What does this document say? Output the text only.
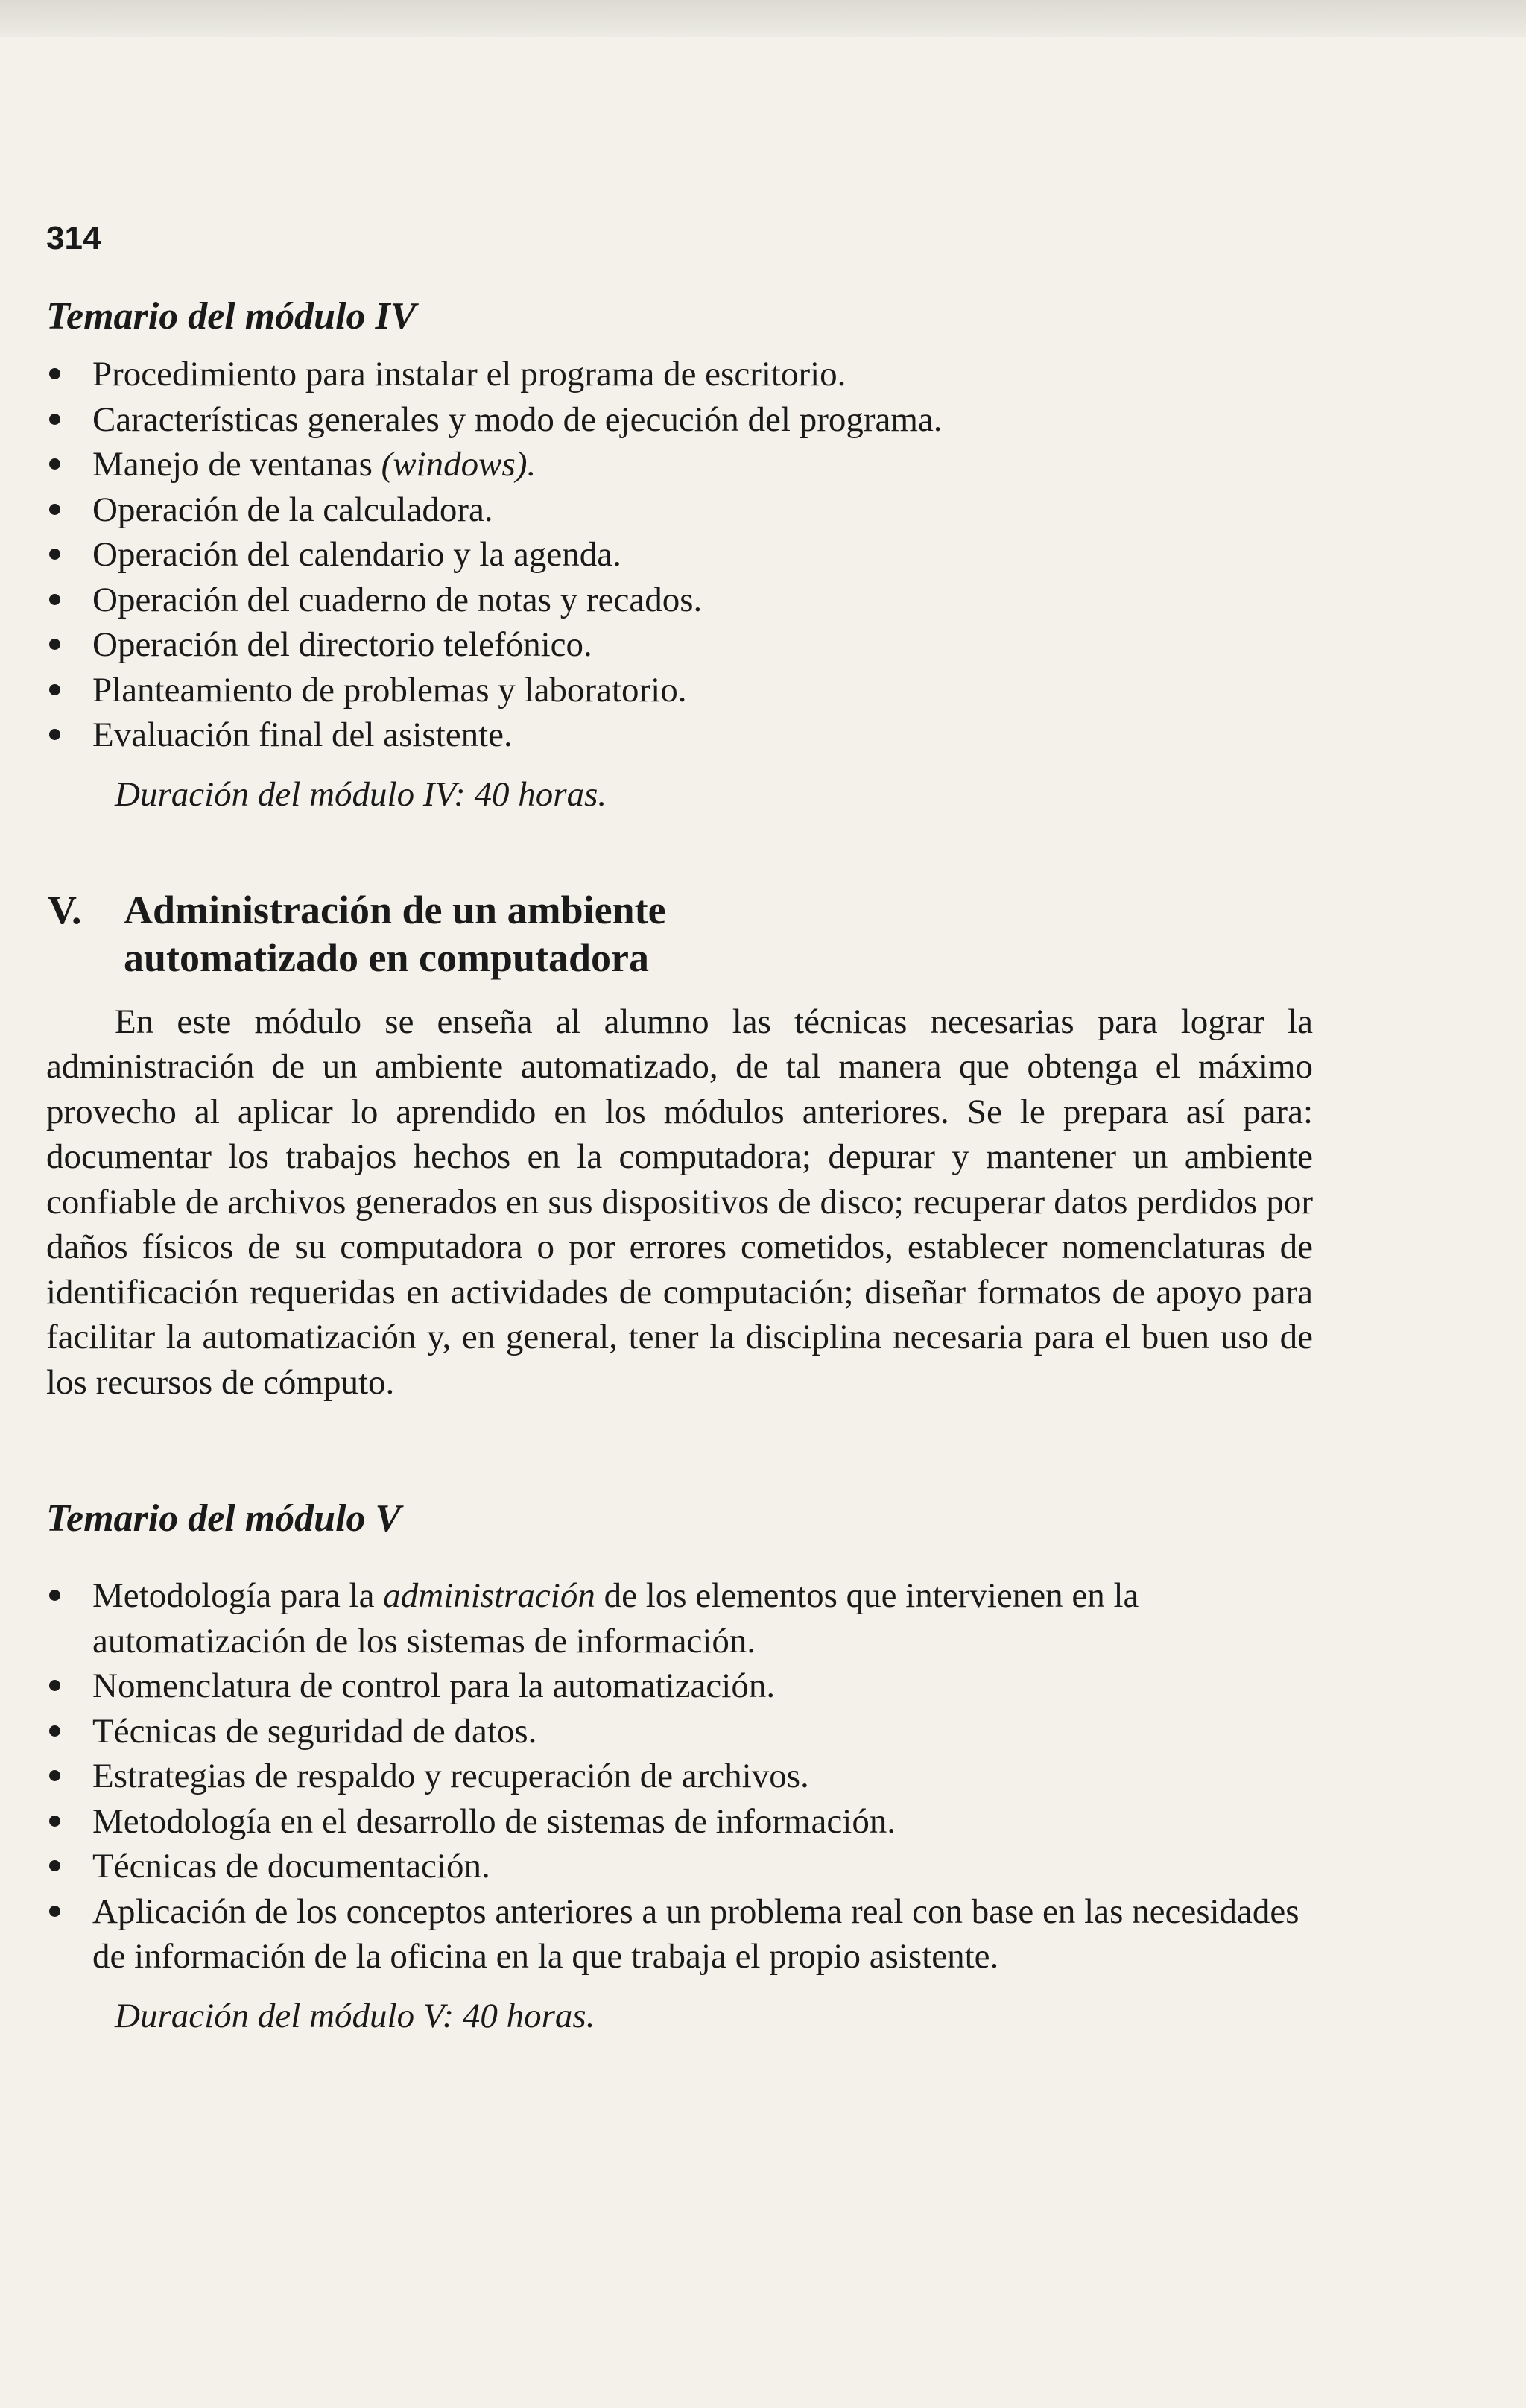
314
Temario del módulo IV
Procedimiento para instalar el programa de escritorio.
Características generales y modo de ejecución del programa.
Manejo de ventanas (windows).
Operación de la calculadora.
Operación del calendario y la agenda.
Operación del cuaderno de notas y recados.
Operación del directorio telefónico.
Planteamiento de problemas y laboratorio.
Evaluación final del asistente.

Duración del módulo IV: 40 horas.

V. Administración de un ambiente
automatizado en computadora

En este módulo se enseña al alumno las técnicas necesarias para lograr la administración de un ambiente automatizado, de tal manera que obtenga el máximo provecho al aplicar lo aprendido en los módulos anteriores. Se le prepara así para: documentar los trabajos hechos en la computadora; depurar y mantener un ambiente confiable de archivos generados en sus dispositivos de disco; recuperar datos perdidos por daños físicos de su computadora o por errores cometidos, establecer nomenclaturas de identificación requeridas en actividades de computación; diseñar formatos de apoyo para facilitar la automatización y, en general, tener la disciplina necesaria para el buen uso de los recursos de cómputo.

Temario del módulo V
Metodología para la administración de los elementos que intervienen en la automatización de los sistemas de información.
Nomenclatura de control para la automatización.
Técnicas de seguridad de datos.
Estrategias de respaldo y recuperación de archivos.
Metodología en el desarrollo de sistemas de información.
Técnicas de documentación.
Aplicación de los conceptos anteriores a un problema real con base en las necesidades de información de la oficina en la que trabaja el propio asistente.

Duración del módulo V: 40 horas.
